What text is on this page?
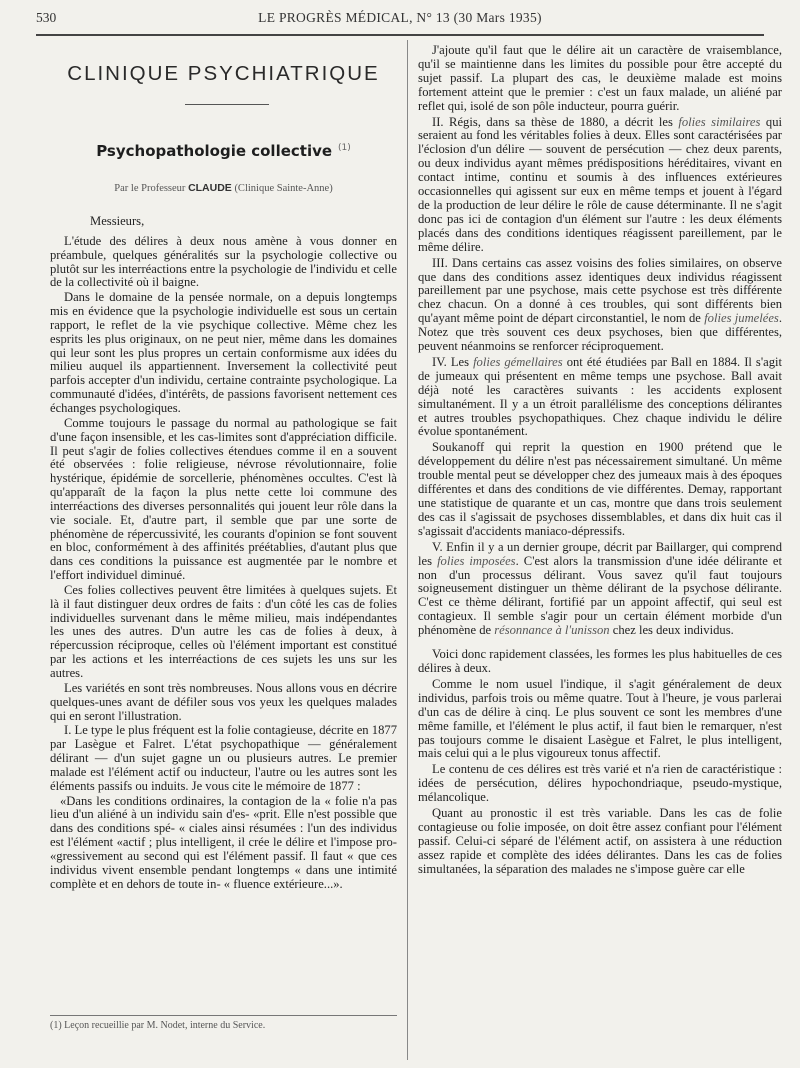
530	LE PROGRÈS MÉDICAL, N° 13 (30 Mars 1935)
CLINIQUE PSYCHIATRIQUE
Psychopathologie collective $^{(1)}$
Par le Professeur CLAUDE (Clinique Sainte-Anne)

Messieurs,

L'étude des délires à deux nous amène à vous donner en préambule, quelques généralités sur la psychologie collective ou plutôt sur les interréactions entre la psychologie de l'individu et celle de la collectivité où il baigne.

Dans le domaine de la pensée normale, on a depuis longtemps mis en évidence que la psychologie individuelle est sous un certain rapport, le reflet de la vie psychique collective. Même chez les esprits les plus originaux, on ne peut nier, même dans les domaines qui leur sont les plus propres un certain conformisme aux idées du milieu auquel ils appartiennent. Inversement la collectivité peut parfois accepter d'un individu, certaine contrainte psychologique. La communauté d'idées, d'intérêts, de passions favorisent nettement ces échanges psychologiques.

Comme toujours le passage du normal au pathologique se fait d'une façon insensible, et les cas-limites sont d'appréciation difficile. Il peut s'agir de folies collectives étendues comme il en a souvent été observées : folie religieuse, névrose révolutionnaire, folie hystérique, épidémie de sorcellerie, phénomènes occultes. C'est là qu'apparaît de la façon la plus nette cette loi commune des interréactions des diverses personnalités qui jouent leur rôle dans la vie sociale. Et, d'autre part, il semble que par une sorte de phénomène de répercussivité, les courants d'opinion se font souvent en bloc, conformément à des affinités préétablies, d'autant plus que dans ces conditions la puissance est augmentée par le nombre et l'effort individuel diminué.

Ces folies collectives peuvent être limitées à quelques sujets. Et là il faut distinguer deux ordres de faits : d'un côté les cas de folies individuelles survenant dans le même milieu, mais indépendantes les unes des autres. D'un autre les cas de folies à deux, à répercussion réciproque, celles où l'élément important est constitué par les actions et les interréactions de ces sujets les uns sur les autres.

Les variétés en sont très nombreuses. Nous allons vous en décrire quelques-unes avant de défiler sous vos yeux les quelques malades qui en seront l'illustration.

I. Le type le plus fréquent est la folie contagieuse, décrite en 1877 par Lasègue et Falret. L'état psychopathique — généralement délirant — d'un sujet gagne un ou plusieurs autres. Le premier malade est l'élément actif ou inducteur, l'autre ou les autres sont les éléments passifs ou induits. Je vous cite le mémoire de 1877 :

«Dans les conditions ordinaires, la contagion de la « folie n'a pas lieu d'un aliéné à un individu sain d'es- «prit. Elle n'est possible que dans des conditions spé- « ciales ainsi résumées : l'un des individus est l'élément «actif ; plus intelligent, il crée le délire et l'impose pro- «gressivement au second qui est l'élément passif. Il faut « que ces individus vivent ensemble pendant longtemps « dans une intimité complète et en dehors de toute in- « fluence extérieure...».

(1) Leçon recueillie par M. Nodet, interne du Service.

J'ajoute qu'il faut que le délire ait un caractère de vraisemblance, qu'il se maintienne dans les limites du possible pour être accepté du sujet passif. La plupart des cas, le deuxième malade est moins fortement atteint que le premier : c'est un faux malade, un aliéné par reflet qui, isolé de son pôle inducteur, pourra guérir.

II. Régis, dans sa thèse de 1880, a décrit les folies similaires qui seraient au fond les véritables folies à deux. Elles sont caractérisées par l'éclosion d'un délire — souvent de persécution — chez deux parents, ou deux individus ayant mêmes prédispositions héréditaires, vivant en contact intime, continu et soumis à des influences extérieures occasionnelles qui agissent sur eux en même temps et jouent à l'égard de la production de leur délire le rôle de cause déterminante. Il ne s'agit donc pas ici de contagion d'un élément sur l'autre : les deux éléments placés dans des conditions identiques réagissent pareillement, par le même délire.

III. Dans certains cas assez voisins des folies similaires, on observe que dans des conditions assez identiques deux individus réagissent pareillement par une psychose, mais cette psychose est très différente chez chacun. On a donné à ces troubles, qui sont différents bien qu'ayant même point de départ circonstantiel, le nom de folies jumelées. Notez que très souvent ces deux psychoses, bien que différentes, peuvent néanmoins se renforcer réciproquement.

IV. Les folies gémellaires ont été étudiées par Ball en 1884. Il s'agit de jumeaux qui présentent en même temps une psychose. Ball avait déjà noté les caractères suivants : les accidents explosent simultanément. Il y a un étroit parallélisme des conceptions délirantes et autres troubles psychopathiques. Chez chaque individu le délire évolue spontanément.

Soukanoff qui reprit la question en 1900 prétend que le développement du délire n'est pas nécessairement simultané. Un même trouble mental peut se développer chez des jumeaux mais à des époques différentes et dans des conditions de vie différentes. Demay, rapportant une statistique de quarante et un cas, montre que dans trois seulement des cas il s'agissait de psychoses dissemblables, et dans dix huit cas il s'agissait d'accidents maniaco-dépressifs.

V. Enfin il y a un dernier groupe, décrit par Baillarger, qui comprend les folies imposées. C'est alors la transmission d'une idée délirante et non d'un processus délirant. Vous savez qu'il faut toujours soigneusement distinguer un thème délirant de la psychose délirante. C'est ce thème délirant, fortifié par un appoint affectif, qui seul est contagieux. Il semble s'agir pour un certain élément morbide d'un phénomène de résonnance à l'unisson chez les deux individus.

Voici donc rapidement classées, les formes les plus habituelles de ces délires à deux.

Comme le nom usuel l'indique, il s'agit généralement de deux individus, parfois trois ou même quatre. Tout à l'heure, je vous parlerai d'un cas de délire à cinq. Le plus souvent ce sont les membres d'une même famille, et l'élément le plus actif, il faut bien le remarquer, n'est pas toujours comme le disaient Lasègue et Falret, le plus intelligent, mais celui qui a le plus vigoureux tonus affectif.

Le contenu de ces délires est très varié et n'a rien de caractéristique : idées de persécution, délires hypochondriaque, pseudo-mystique, mélancolique.

Quant au pronostic il est très variable. Dans les cas de folie contagieuse ou folie imposée, on doit être assez confiant pour l'élément passif. Celui-ci séparé de l'élément actif, on assistera à une réduction assez rapide et complète des idées délirantes. Dans les cas de folies simultanées, la séparation des malades ne s'impose guère car elle
